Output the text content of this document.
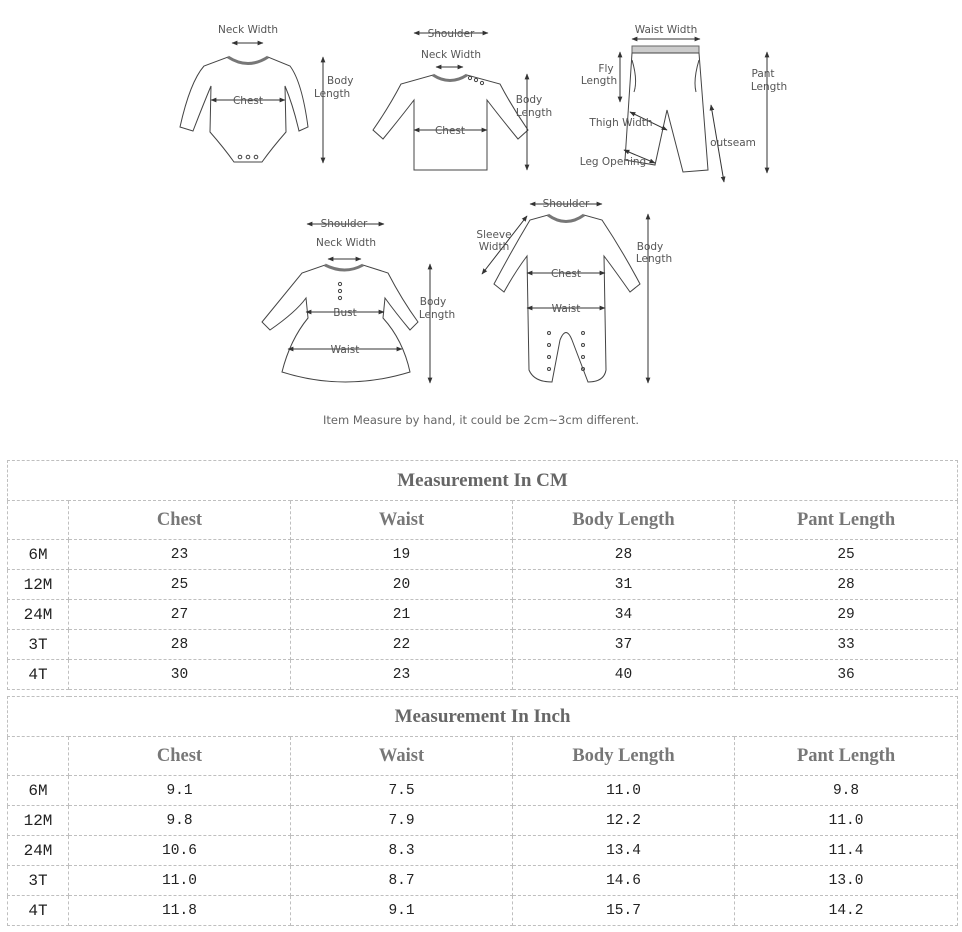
Neck Width
Chest
Body
Length
Shoulder
Neck Width
Chest
Body
Length
Waist Width
Fly
Length
Pant
Length
Thigh Width
outseam
Leg Opening
Shoulder
Neck Width
Bust
Waist
Body
Length
Shoulder
Sleeve
Width
Chest
Waist
Body
Length
Item Measure by hand, it could be 2cm~3cm different.
Measurement In CM				
	Chest	Waist	Body Length	Pant Length
6M	23	19	28	25
12M	25	20	31	28
24M	27	21	34	29
3T	28	22	37	33
4T	30	23	40	36
Measurement In Inch				
	Chest	Waist	Body Length	Pant Length
6M	9.1	7.5	11.0	9.8
12M	9.8	7.9	12.2	11.0
24M	10.6	8.3	13.4	11.4
3T	11.0	8.7	14.6	13.0
4T	11.8	9.1	15.7	14.2
